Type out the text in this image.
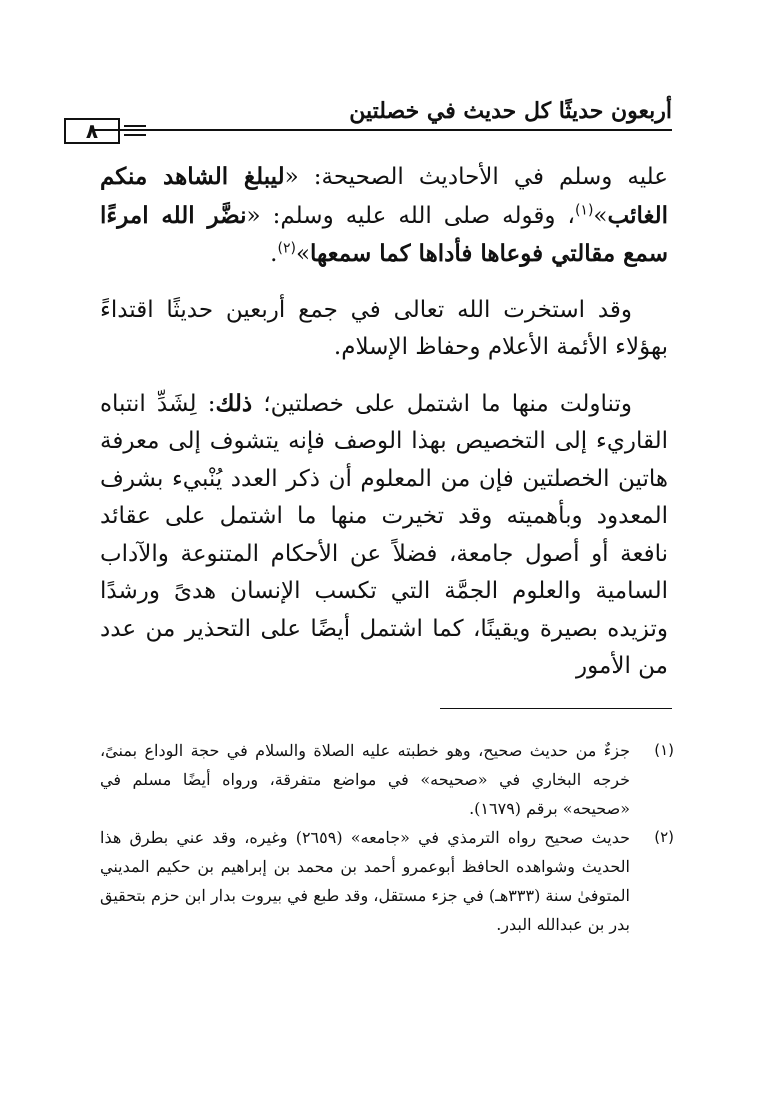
أربعون حديثًا كل حديث في خصلتين
٨

عليه وسلم في الأحاديث الصحيحة: «ليبلغ الشاهد منكم الغائب»$^{(١)}$، وقوله صلى الله عليه وسلم: «نضَّر الله امرءًا سمع مقالتي فوعاها فأداها كما سمعها»$^{(٢)}$.

وقد استخرت الله تعالى في جمع أربعين حديثًا اقتداءً بهؤلاء الأئمة الأعلام وحفاظ الإسلام.

وتناولت منها ما اشتمل على خصلتين؛ ذلك: لِشَدِّ انتباه القاريء إلى التخصيص بهذا الوصف فإنه يتشوف إلى معرفة هاتين الخصلتين فإن من المعلوم أن ذكر العدد يُنْبيء بشرف المعدود وبأهميته وقد تخيرت منها ما اشتمل على عقائد نافعة أو أصول جامعة، فضلاً عن الأحكام المتنوعة والآداب السامية والعلوم الجمَّة التي تكسب الإنسان هدىً ورشدًا وتزيده بصيرة ويقينًا، كما اشتمل أيضًا على التحذير من عدد من الأمور

(١)
جزءٌ من حديث صحيح، وهو خطبته عليه الصلاة والسلام في حجة الوداع بمنىً، خرجه البخاري في «صحيحه» في مواضع متفرقة، ورواه أيضًا مسلم في «صحيحه» برقم (١٦٧٩).
(٢)
حديث صحيح رواه الترمذي في «جامعه» (٢٦٥٩) وغيره، وقد عني بطرق هذا الحديث وشواهده الحافظ أبوعمرو أحمد بن محمد بن إبراهيم بن حكيم المديني المتوفىٰ سنة (٣٣٣هـ) في جزء مستقل، وقد طبع في بيروت بدار ابن حزم بتحقيق بدر بن عبدالله البدر.
